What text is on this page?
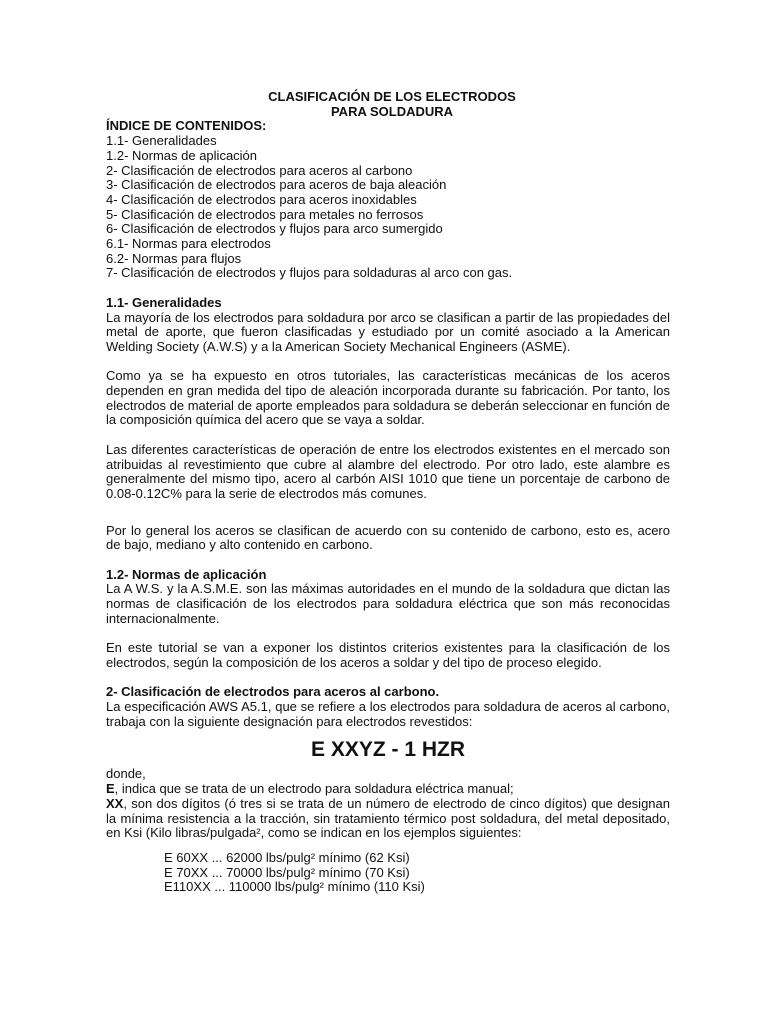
CLASIFICACIÓN DE LOS ELECTRODOS
PARA SOLDADURA
ÍNDICE DE CONTENIDOS:
1.1- Generalidades
1.2- Normas de aplicación
2- Clasificación de electrodos para aceros al carbono
3- Clasificación de electrodos para aceros de baja aleación
4- Clasificación de electrodos para aceros inoxidables
5- Clasificación de electrodos para metales no ferrosos
6- Clasificación de electrodos y flujos para arco sumergido
6.1- Normas para electrodos
6.2- Normas para flujos
7- Clasificación de electrodos y flujos para soldaduras al arco con gas.
1.1- Generalidades

La mayoría de los electrodos para soldadura por arco se clasifican a partir de las propiedades del metal de aporte, que fueron clasificadas y estudiado por un comité asociado a la American Welding Society (A.W.S) y a la American Society Mechanical Engineers (ASME).

Como ya se ha expuesto en otros tutoriales, las características mecánicas de los aceros dependen en gran medida del tipo de aleación incorporada durante su fabricación. Por tanto, los electrodos de material de aporte empleados para soldadura se deberán seleccionar en función de la composición química del acero que se vaya a soldar.

Las diferentes características de operación de entre los electrodos existentes en el mercado son atribuidas al revestimiento que cubre al alambre del electrodo. Por otro lado, este alambre es generalmente del mismo tipo, acero al carbón AISI 1010 que tiene un porcentaje de carbono de 0.08-0.12C% para la serie de electrodos más comunes.

Por lo general los aceros se clasifican de acuerdo con su contenido de carbono, esto es, acero de bajo, mediano y alto contenido en carbono.

1.2- Normas de aplicación

La A W.S. y la A.S.M.E. son las máximas autoridades en el mundo de la soldadura que dictan las normas de clasificación de los electrodos para soldadura eléctrica que son más reconocidas internacionalmente.

En este tutorial se van a exponer los distintos criterios existentes para la clasificación de los electrodos, según la composición de los aceros a soldar y del tipo de proceso elegido.

2- Clasificación de electrodos para aceros al carbono.

La especificación AWS A5.1, que se refiere a los electrodos para soldadura de aceros al carbono, trabaja con la siguiente designación para electrodos revestidos:

E XXYZ - 1 HZR

donde,

E, indica que se trata de un electrodo para soldadura eléctrica manual;

XX, son dos dígitos (ó tres si se trata de un número de electrodo de cinco dígitos) que designan la mínima resistencia a la tracción, sin tratamiento térmico post soldadura, del metal depositado, en Ksi (Kilo libras/pulgada², como se indican en los ejemplos siguientes:

E 60XX ... 62000 lbs/pulg² mínimo (62 Ksi)
E 70XX ... 70000 lbs/pulg² mínimo (70 Ksi)
E110XX ... 110000 lbs/pulg² mínimo (110 Ksi)
